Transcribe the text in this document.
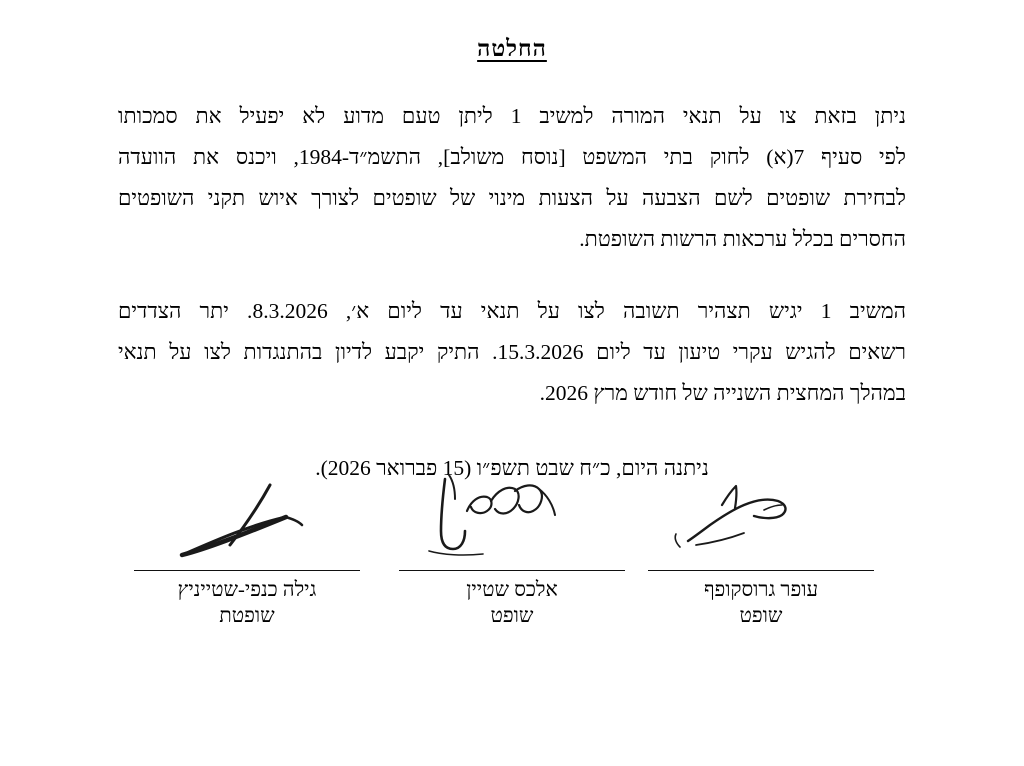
החלטה
ניתן בזאת צו על תנאי המורה למשיב 1 ליתן טעם מדוע לא יפעיל את סמכותו
לפי סעיף 7(א) לחוק בתי המשפט [נוסח משולב], התשמ״ד-1984, ויכנס את הוועדה
לבחירת שופטים לשם הצבעה על הצעות מינוי של שופטים לצורך איוש תקני השופטים
החסרים בכלל ערכאות הרשות השופטת.
המשיב 1 יגיש תצהיר תשובה לצו על תנאי עד ליום א׳, 8.3.2026. יתר הצדדים
רשאים להגיש עקרי טיעון עד ליום 15.3.2026. התיק יקבע לדיון בהתנגדות לצו על תנאי
במהלך המחצית השנייה של חודש מרץ 2026.
ניתנה היום, כ״ח שבט תשפ״ו (15 פברואר 2026).
עופר גרוסקופף
שופט
אלכס שטיין
שופט
גילה כנפי-שטייניץ
שופטת
